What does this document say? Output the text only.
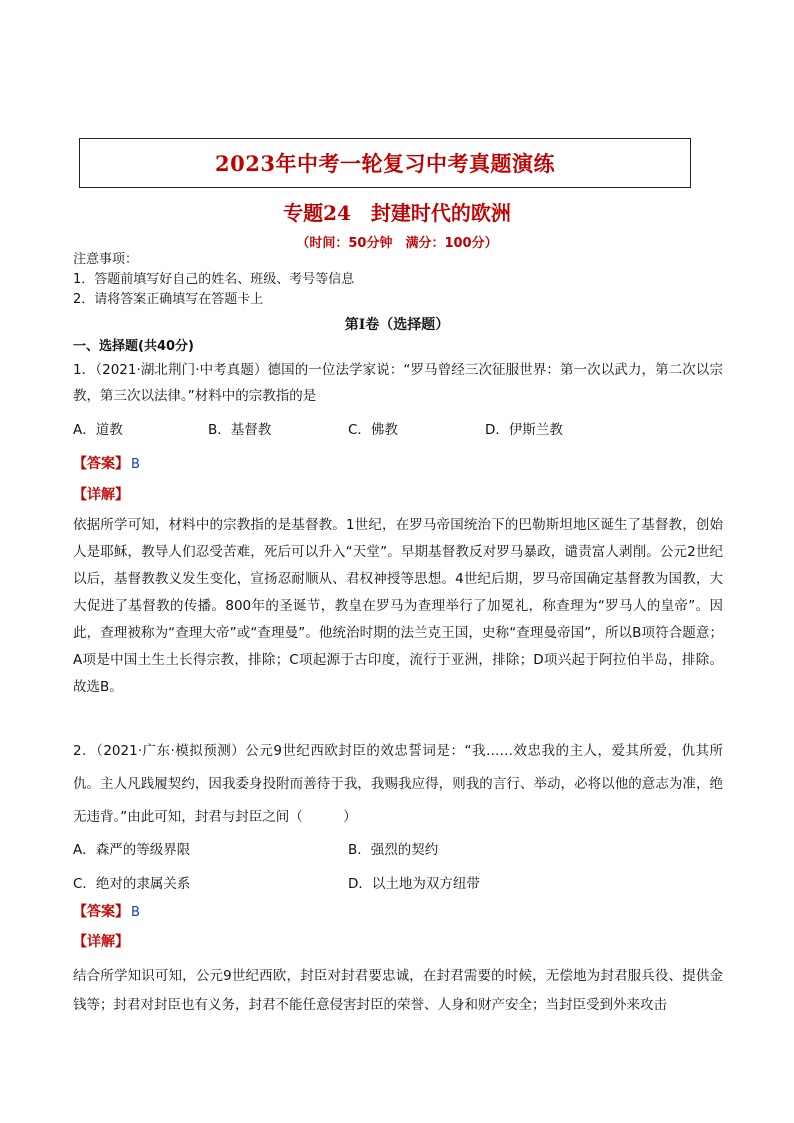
2023年中考一轮复习中考真题演练
专题24　封建时代的欧洲
（时间：50分钟　满分：100分）
注意事项：
1．答题前填写好自己的姓名、班级、考号等信息
2．请将答案正确填写在答题卡上
第Ⅰ卷（选择题）
一、选择题(共40分)
1．（2021·湖北荆门·中考真题）德国的一位法学家说：“罗马曾经三次征服世界：第一次以武力，第二次以宗教，第三次以法律。”材料中的宗教指的是
A．道教	B．基督教	C．佛教	D．伊斯兰教
【答案】 B
【详解】
依据所学可知，材料中的宗教指的是基督教。1世纪，在罗马帝国统治下的巴勒斯坦地区诞生了基督教，创始人是耶稣，教导人们忍受苦难，死后可以升入“天堂”。早期基督教反对罗马暴政，谴责富人剥削。公元2世纪以后，基督教教义发生变化，宣扬忍耐顺从、君权神授等思想。4世纪后期，罗马帝国确定基督教为国教，大大促进了基督教的传播。800年的圣诞节，教皇在罗马为查理举行了加冕礼，称查理为“罗马人的皇帝”。因此，查理被称为“查理大帝”或“查理曼”。他统治时期的法兰克王国，史称“查理曼帝国”，所以B项符合题意；A项是中国土生土长得宗教，排除；C项起源于古印度，流行于亚洲，排除；D项兴起于阿拉伯半岛，排除。故选B。
2．（2021·广东·模拟预测）公元9世纪西欧封臣的效忠誓词是：“我……效忠我的主人，爱其所爱，仇其所仇。主人凡践履契约，因我委身投附而善待于我，我赐我应得，则我的言行、举动，必将以他的意志为准，绝无违背。”由此可知，封君与封臣之间（　　　）
A．森严的等级界限	B．强烈的契约
C．绝对的隶属关系	D．以土地为双方纽带
【答案】 B
【详解】
结合所学知识可知，公元9世纪西欧，封臣对封君要忠诚，在封君需要的时候，无偿地为封君服兵役、提供金钱等；封君对封臣也有义务，封君不能任意侵害封臣的荣誉、人身和财产安全；当封臣受到外来攻击
